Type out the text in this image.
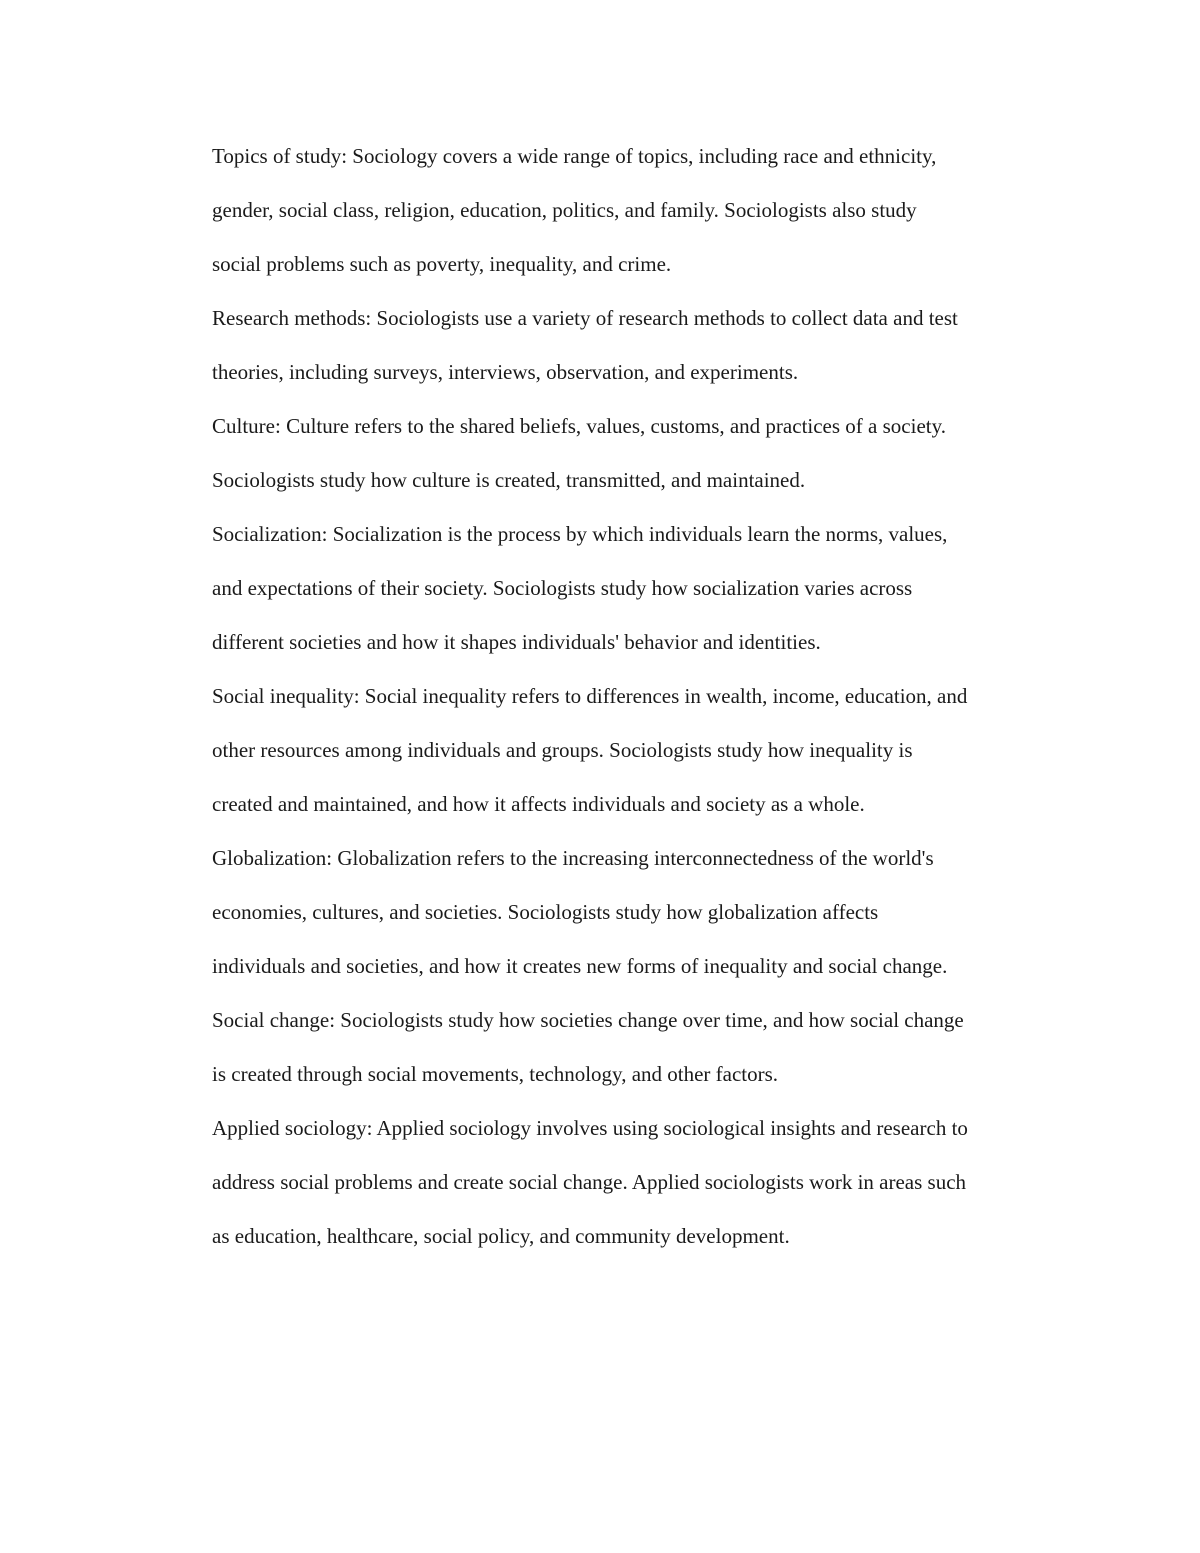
Topics of study: Sociology covers a wide range of topics, including race and ethnicity,
gender, social class, religion, education, politics, and family. Sociologists also study
social problems such as poverty, inequality, and crime.
Research methods: Sociologists use a variety of research methods to collect data and test
theories, including surveys, interviews, observation, and experiments.
Culture: Culture refers to the shared beliefs, values, customs, and practices of a society.
Sociologists study how culture is created, transmitted, and maintained.
Socialization: Socialization is the process by which individuals learn the norms, values,
and expectations of their society. Sociologists study how socialization varies across
different societies and how it shapes individuals' behavior and identities.
Social inequality: Social inequality refers to differences in wealth, income, education, and
other resources among individuals and groups. Sociologists study how inequality is
created and maintained, and how it affects individuals and society as a whole.
Globalization: Globalization refers to the increasing interconnectedness of the world's
economies, cultures, and societies. Sociologists study how globalization affects
individuals and societies, and how it creates new forms of inequality and social change.
Social change: Sociologists study how societies change over time, and how social change
is created through social movements, technology, and other factors.
Applied sociology: Applied sociology involves using sociological insights and research to
address social problems and create social change. Applied sociologists work in areas such
as education, healthcare, social policy, and community development.
